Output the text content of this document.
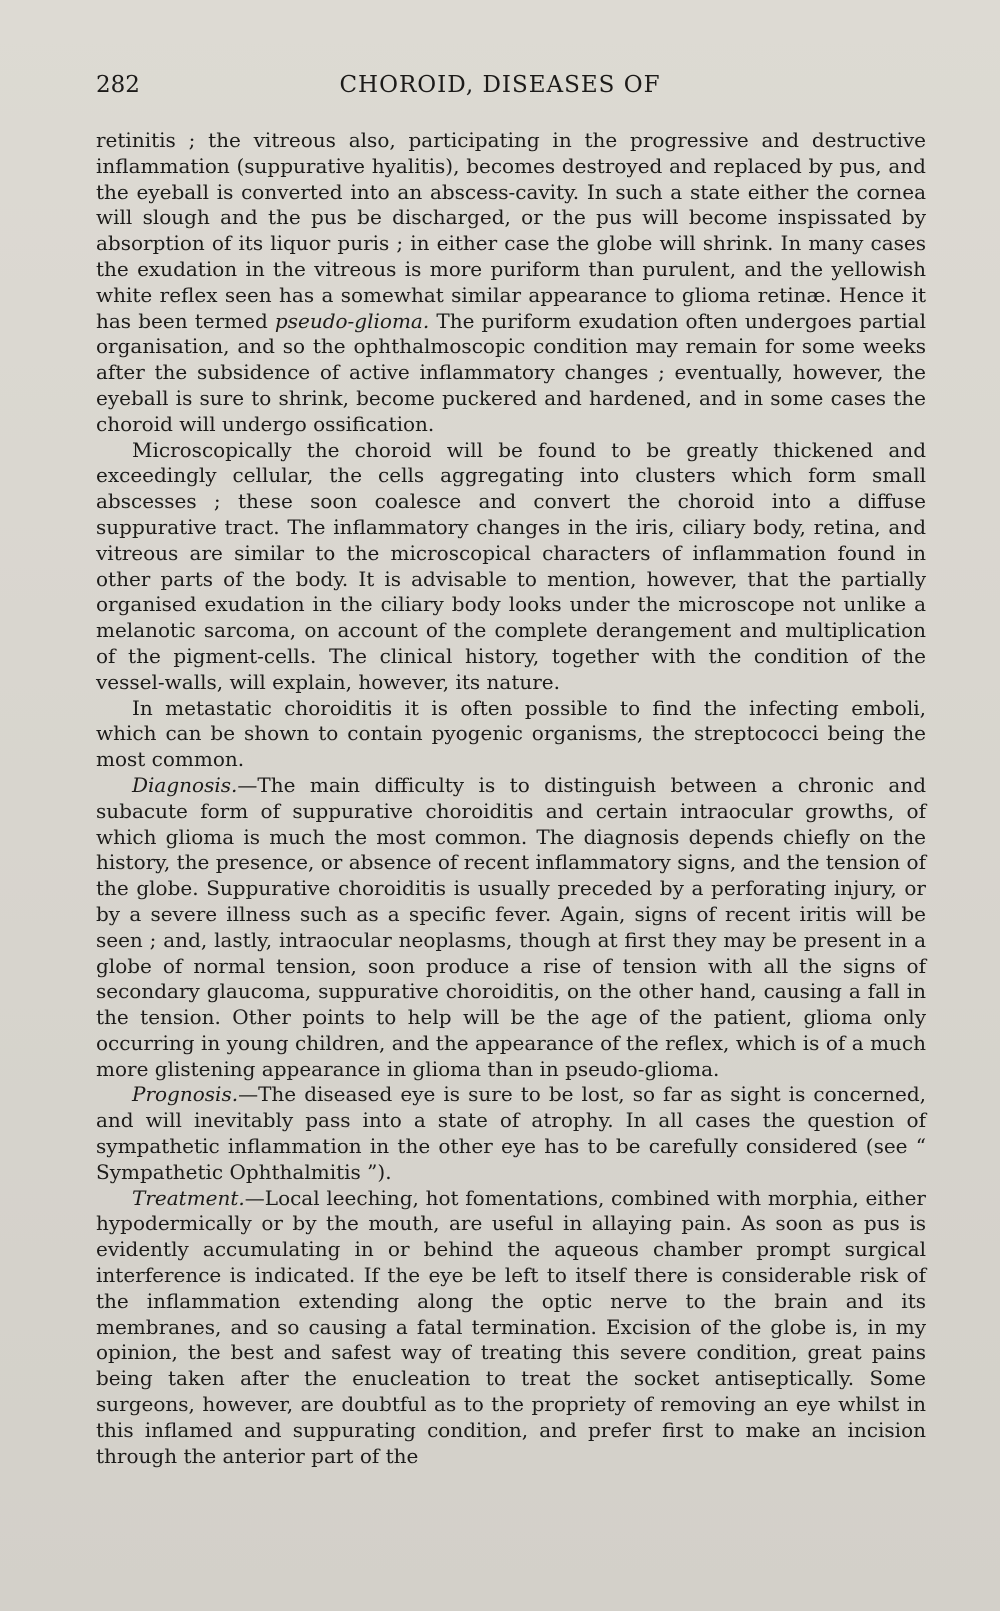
282	CHOROID, DISEASES OF

retinitis ; the vitreous also, participating in the progressive and destructive inflammation (suppurative hyalitis), becomes destroyed and replaced by pus, and the eyeball is converted into an abscess-cavity. In such a state either the cornea will slough and the pus be discharged, or the pus will become inspissated by absorption of its liquor puris ; in either case the globe will shrink. In many cases the exudation in the vitreous is more puriform than purulent, and the yellowish white reflex seen has a somewhat similar appearance to glioma retinæ. Hence it has been termed pseudo-glioma. The puriform exudation often undergoes partial organisation, and so the ophthalmoscopic condition may remain for some weeks after the subsidence of active inflammatory changes ; eventually, however, the eyeball is sure to shrink, become puckered and hardened, and in some cases the choroid will undergo ossification.

Microscopically the choroid will be found to be greatly thickened and exceedingly cellular, the cells aggregating into clusters which form small abscesses ; these soon coalesce and convert the choroid into a diffuse suppurative tract. The inflammatory changes in the iris, ciliary body, retina, and vitreous are similar to the microscopical characters of inflammation found in other parts of the body. It is advisable to mention, however, that the partially organised exudation in the ciliary body looks under the microscope not unlike a melanotic sarcoma, on account of the complete derangement and multiplication of the pigment-cells. The clinical history, together with the condition of the vessel-walls, will explain, however, its nature.

In metastatic choroiditis it is often possible to find the infecting emboli, which can be shown to contain pyogenic organisms, the streptococci being the most common.

Diagnosis.—The main difficulty is to distinguish between a chronic and subacute form of suppurative choroiditis and certain intraocular growths, of which glioma is much the most common. The diagnosis depends chiefly on the history, the presence, or absence of recent inflammatory signs, and the tension of the globe. Suppurative choroiditis is usually preceded by a perforating injury, or by a severe illness such as a specific fever. Again, signs of recent iritis will be seen ; and, lastly, intraocular neoplasms, though at first they may be present in a globe of normal tension, soon produce a rise of tension with all the signs of secondary glaucoma, suppurative choroiditis, on the other hand, causing a fall in the tension. Other points to help will be the age of the patient, glioma only occurring in young children, and the appearance of the reflex, which is of a much more glistening appearance in glioma than in pseudo-glioma.

Prognosis.—The diseased eye is sure to be lost, so far as sight is concerned, and will inevitably pass into a state of atrophy. In all cases the question of sympathetic inflammation in the other eye has to be carefully considered (see “ Sympathetic Ophthalmitis ”).

Treatment.—Local leeching, hot fomentations, combined with morphia, either hypodermically or by the mouth, are useful in allaying pain. As soon as pus is evidently accumulating in or behind the aqueous chamber prompt surgical interference is indicated. If the eye be left to itself there is considerable risk of the inflammation extending along the optic nerve to the brain and its membranes, and so causing a fatal termination. Excision of the globe is, in my opinion, the best and safest way of treating this severe condition, great pains being taken after the enucleation to treat the socket antiseptically. Some surgeons, however, are doubtful as to the propriety of removing an eye whilst in this inflamed and suppurating condition, and prefer first to make an incision through the anterior part of the
